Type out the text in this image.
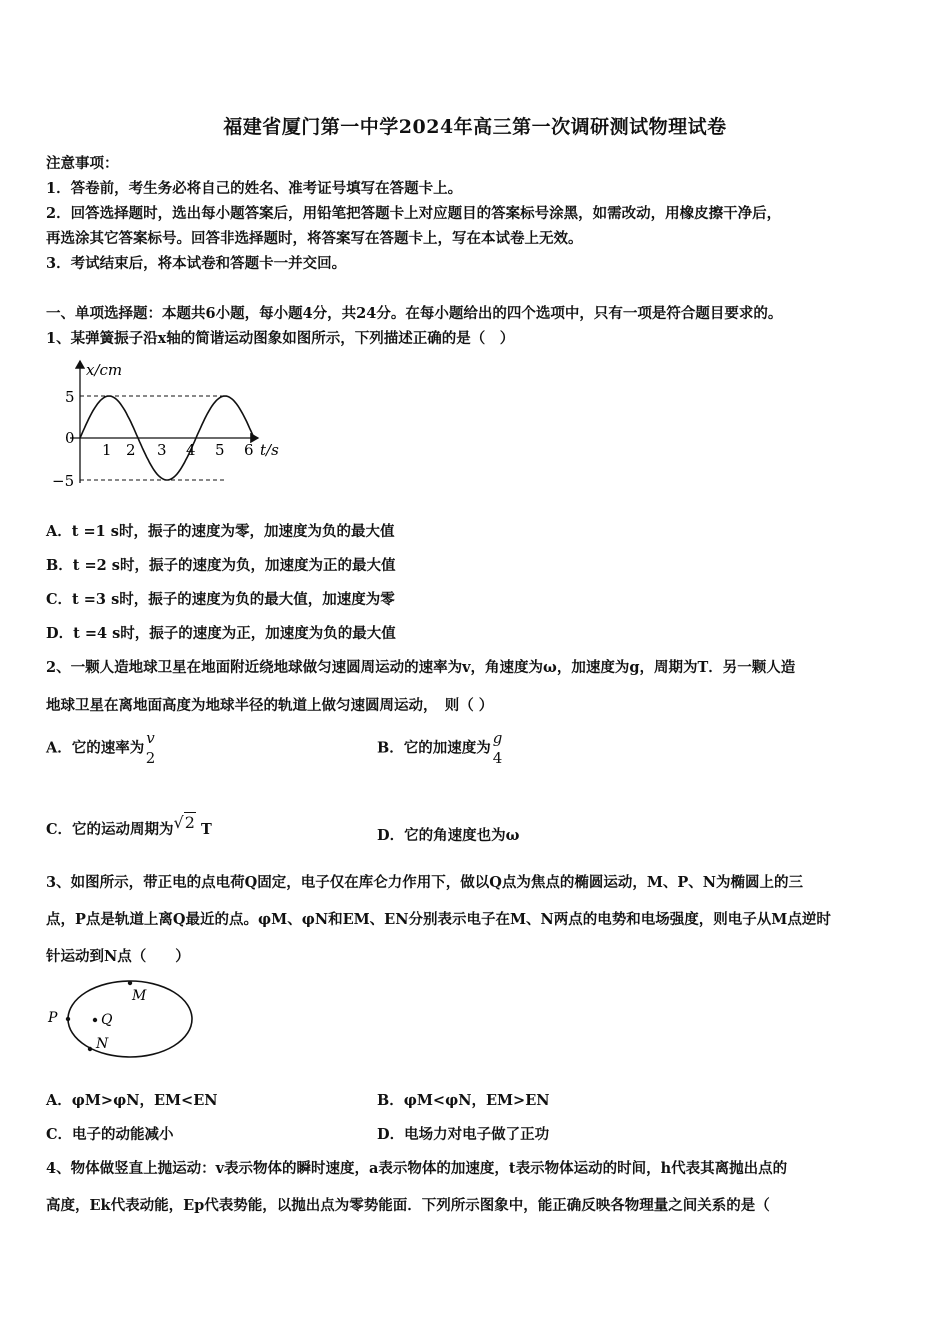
福建省厦门第一中学2024年高三第一次调研测试物理试卷
注意事项：
1．答卷前，考生务必将自己的姓名、准考证号填写在答题卡上。
2．回答选择题时，选出每小题答案后，用铅笔把答题卡上对应题目的答案标号涂黑，如需改动，用橡皮擦干净后，
再选涂其它答案标号。回答非选择题时，将答案写在答题卡上，写在本试卷上无效。
3．考试结束后，将本试卷和答题卡一并交回。
一、单项选择题：本题共6小题，每小题4分，共24分。在每小题给出的四个选项中，只有一项是符合题目要求的。
1、某弹簧振子沿x轴的简谐运动图象如图所示，下列描述正确的是（　）
x/cm
5
0
−5
1 2 3 4 5 6 t/s
A．t =1 s时，振子的速度为零，加速度为负的最大值
B．t =2 s时，振子的速度为负，加速度为正的最大值
C．t =3 s时，振子的速度为负的最大值，加速度为零
D．t =4 s时，振子的速度为正，加速度为负的最大值
2、一颗人造地球卫星在地面附近绕地球做匀速圆周运动的速率为v，角速度为ω，加速度为g，周期为T．另一颗人造
地球卫星在离地面高度为地球半径的轨道上做匀速圆周运动，　则（ ）
A．它的速率为 $\frac{v}{2}$	B．它的加速度为 $\frac{g}{4}$
C．它的运动周期为√2 T	D．它的角速度也为ω
3、如图所示，带正电的点电荷Q固定，电子仅在库仑力作用下，做以Q点为焦点的椭圆运动，M、P、N为椭圆上的三
点，P点是轨道上离Q最近的点。φM、φN和EM、EN分别表示电子在M、N两点的电势和电场强度，则电子从M点逆时
针运动到N点（　　）
P	Q
M
N
A．φM>φN，EM<EN	B．φM<φN，EM>EN
C．电子的动能减小	D．电场力对电子做了正功
4、物体做竖直上抛运动：v表示物体的瞬时速度，a表示物体的加速度，t表示物体运动的时间，h代表其离抛出点的
高度，Ek代表动能，Ep代表势能，以抛出点为零势能面．下列所示图象中，能正确反映各物理量之间关系的是（
